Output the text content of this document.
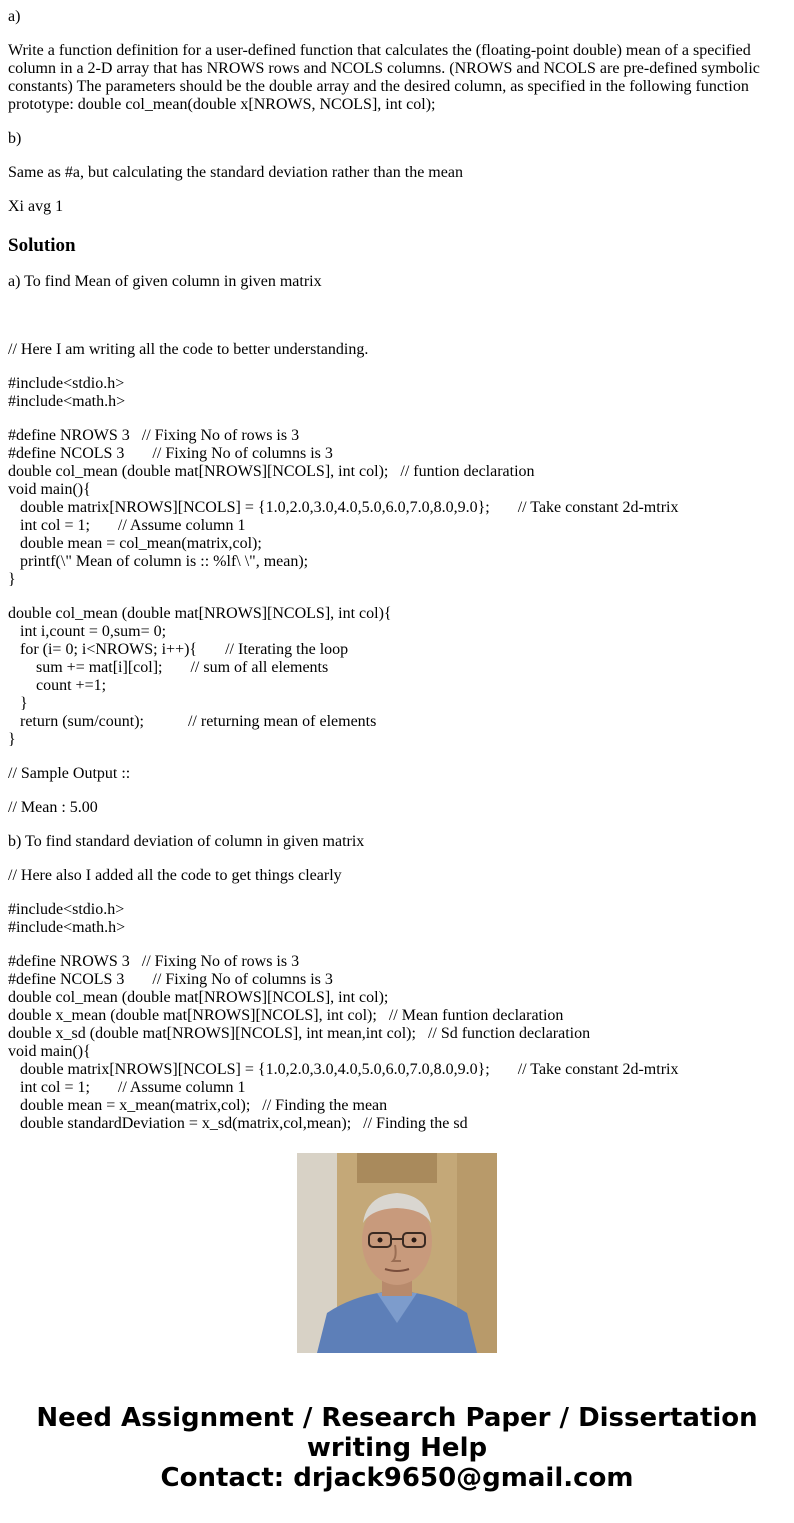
a)

Write a function definition for a user-defined function that calculates the (floating-point double) mean of a specified column in a 2-D array that has NROWS rows and NCOLS columns. (NROWS and NCOLS are pre-defined symbolic constants) The parameters should be the double array and the desired column, as specified in the following function prototype: double col_mean(double x[NROWS, NCOLS], int col);

b)

Same as #a, but calculating the standard deviation rather than the mean

Xi avg 1

Solution

a) To find Mean of given column in given matrix

// Here I am writing all the code to better understanding.

#include<stdio.h>

#include<math.h>

#define NROWS 3   // Fixing No of rows is 3

#define NCOLS 3       // Fixing No of columns is 3

double col_mean (double mat[NROWS][NCOLS], int col);   // funtion declaration

void main(){

double matrix[NROWS][NCOLS] = {1.0,2.0,3.0,4.0,5.0,6.0,7.0,8.0,9.0};       // Take constant 2d-mtrix

int col = 1;       // Assume column 1

double mean = col_mean(matrix,col);

printf(\" Mean of column is :: %lf\ \", mean);

}

double col_mean (double mat[NROWS][NCOLS], int col){

int i,count = 0,sum= 0;

for (i= 0; i<NROWS; i++){       // Iterating the loop

sum += mat[i][col];       // sum of all elements

count +=1;

}

return (sum/count);           // returning mean of elements

}

// Sample Output ::

// Mean : 5.00

b) To find standard deviation of column in given matrix

// Here also I added all the code to get things clearly

#include<stdio.h>

#include<math.h>

#define NROWS 3   // Fixing No of rows is 3

#define NCOLS 3       // Fixing No of columns is 3

double col_mean (double mat[NROWS][NCOLS], int col);

double x_mean (double mat[NROWS][NCOLS], int col);   // Mean funtion declaration

double x_sd (double mat[NROWS][NCOLS], int mean,int col);   // Sd function declaration

void main(){

double matrix[NROWS][NCOLS] = {1.0,2.0,3.0,4.0,5.0,6.0,7.0,8.0,9.0};       // Take constant 2d-mtrix

int col = 1;       // Assume column 1

double mean = x_mean(matrix,col);   // Finding the mean

double standardDeviation = x_sd(matrix,col,mean);   // Finding the sd

Need Assignment / Research Paper / Dissertation
writing Help
Contact: drjack9650@gmail.com
